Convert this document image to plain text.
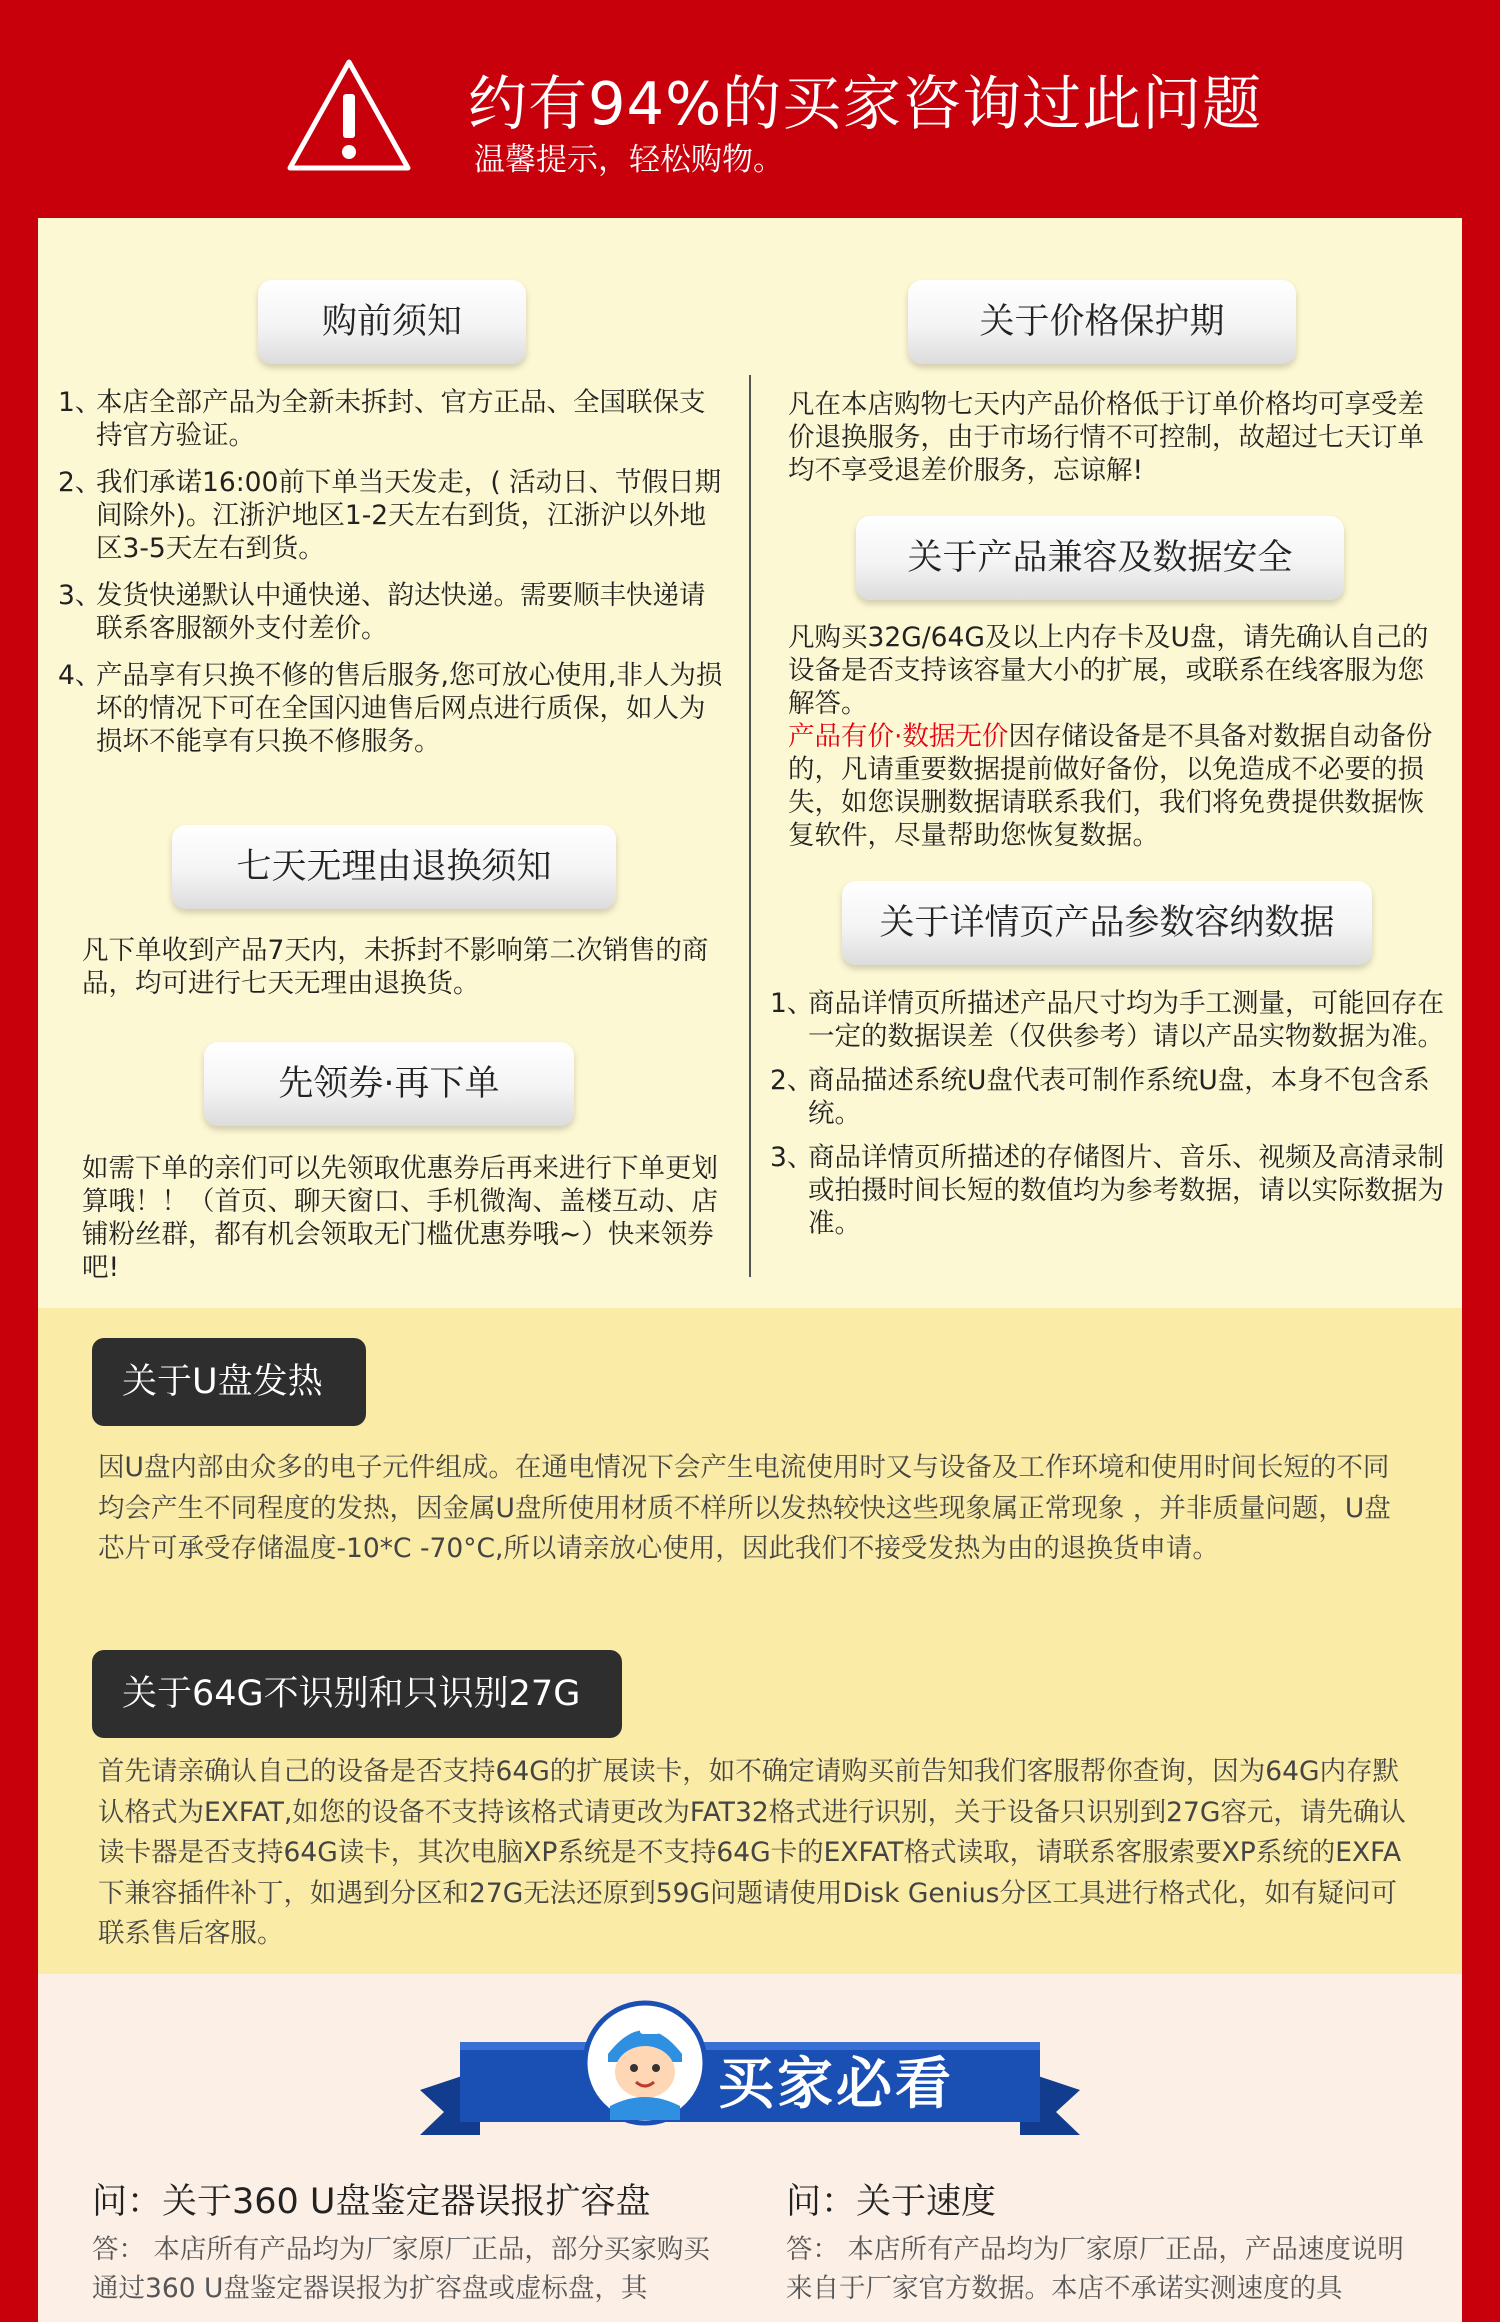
约有94%的买家咨询过此问题
温馨提示，轻松购物。
购前须知
1、
本店全部产品为全新未拆封、官方正品、全国联保支持官方验证。
2、
我们承诺16:00前下单当天发走，( 活动日、节假日期间除外)。江浙沪地区1-2天左右到货，江浙沪以外地区3-5天左右到货。
3、
发货快递默认中通快递、韵达快递。需要顺丰快递请联系客服额外支付差价。
4、
产品享有只换不修的售后服务,您可放心使用,非人为损坏的情况下可在全国闪迪售后网点进行质保，如人为损坏不能享有只换不修服务。
七天无理由退换须知
凡下单收到产品7天内，未拆封不影响第二次销售的商品，均可进行七天无理由退换货。
先领券·再下单
如需下单的亲们可以先领取优惠券后再来进行下单更划算哦！！（首页、聊天窗口、手机微淘、盖楼互动、店铺粉丝群，都有机会领取无门槛优惠券哦~）快来领券吧!
关于价格保护期
凡在本店购物七天内产品价格低于订单价格均可享受差价退换服务，由于市场行情不可控制，故超过七天订单均不享受退差价服务，忘谅解!
关于产品兼容及数据安全
凡购买32G/64G及以上内存卡及U盘，请先确认自己的设备是否支持该容量大小的扩展，或联系在线客服为您解答。
产品有价·数据无价因存储设备是不具备对数据自动备份的，凡请重要数据提前做好备份，以免造成不必要的损失，如您误删数据请联系我们，我们将免费提供数据恢复软件，尽量帮助您恢复数据。
关于详情页产品参数容纳数据
1、
商品详情页所描述产品尺寸均为手工测量，可能回存在一定的数据误差（仅供参考）请以产品实物数据为准。
2、
商品描述系统U盘代表可制作系统U盘，本身不包含系统。
3、
商品详情页所描述的存储图片、音乐、视频及高清录制或拍摄时间长短的数值均为参考数据，请以实际数据为准。
关于U盘发热
因U盘内部由众多的电子元件组成。在通电情况下会产生电流使用时又与设备及工作环境和使用时间长短的不同均会产生不同程度的发热，因金属U盘所使用材质不样所以发热较快这些现象属正常现象 ，并非质量问题，U盘芯片可承受存储温度-10*C -70°C,所以请亲放心使用，因此我们不接受发热为由的退换货申请。
关于64G不识别和只识别27G
首先请亲确认自己的设备是否支持64G的扩展读卡，如不确定请购买前告知我们客服帮你查询，因为64G内存默认格式为EXFAT,如您的设备不支持该格式请更改为FAT32格式进行识别，关于设备只识别到27G容元，请先确认读卡器是否支持64G读卡，其次电脑XP系统是不支持64G卡的EXFAT格式读取，请联系客服索要XP系统的EXFA下兼容插件补丁，如遇到分区和27G无法还原到59G问题请使用Disk Genius分区工具进行格式化，如有疑问可联系售后客服。
买家必看
问：关于360 U盘鉴定器误报扩容盘
答： 本店所有产品均为厂家原厂正品，部分买家购买通过360 U盘鉴定器误报为扩容盘或虚标盘，其
问：关于速度
答： 本店所有产品均为厂家原厂正品，产品速度说明来自于厂家官方数据。本店不承诺实测速度的具
